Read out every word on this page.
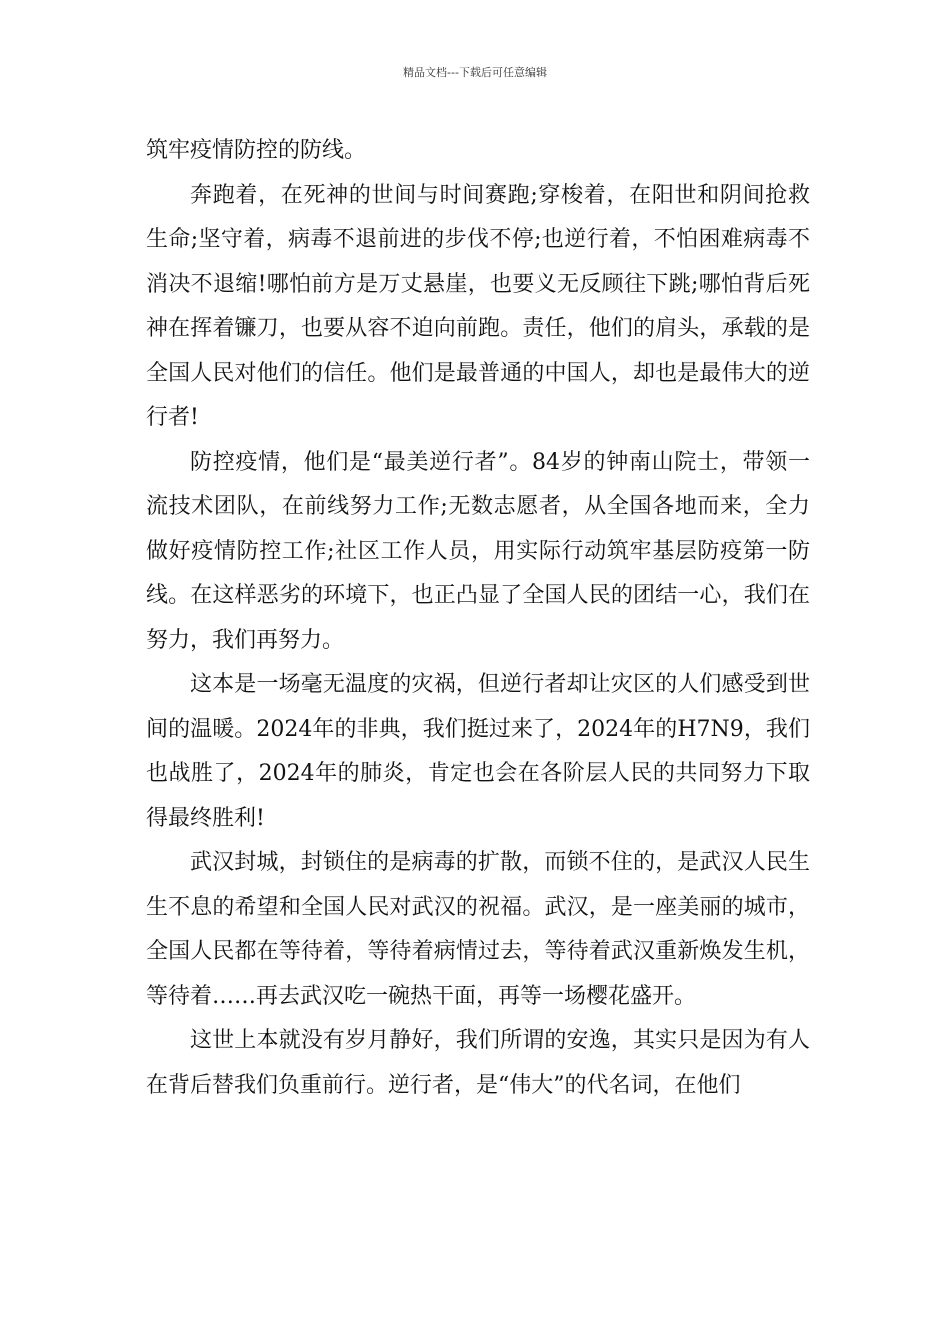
精品文档---下载后可任意编辑

筑牢疫情防控的防线。

奔跑着，在死神的世间与时间赛跑;穿梭着，在阳世和阴间抢救生命;坚守着，病毒不退前进的步伐不停;也逆行着，不怕困难病毒不消决不退缩!哪怕前方是万丈悬崖，也要义无反顾往下跳;哪怕背后死神在挥着镰刀，也要从容不迫向前跑。责任，他们的肩头，承载的是全国人民对他们的信任。他们是最普通的中国人，却也是最伟大的逆行者!

防控疫情，他们是“最美逆行者”。84岁的钟南山院士，带领一流技术团队，在前线努力工作;无数志愿者，从全国各地而来，全力做好疫情防控工作;社区工作人员，用实际行动筑牢基层防疫第一防线。在这样恶劣的环境下，也正凸显了全国人民的团结一心，我们在努力，我们再努力。

这本是一场毫无温度的灾祸，但逆行者却让灾区的人们感受到世间的温暖。2024年的非典，我们挺过来了，2024年的H7N9，我们也战胜了，2024年的肺炎，肯定也会在各阶层人民的共同努力下取得最终胜利!

武汉封城，封锁住的是病毒的扩散，而锁不住的，是武汉人民生生不息的希望和全国人民对武汉的祝福。武汉，是一座美丽的城市，全国人民都在等待着，等待着病情过去，等待着武汉重新焕发生机，等待着……再去武汉吃一碗热干面，再等一场樱花盛开。

这世上本就没有岁月静好，我们所谓的安逸，其实只是因为有人在背后替我们负重前行。逆行者，是“伟大”的代名词，在他们
